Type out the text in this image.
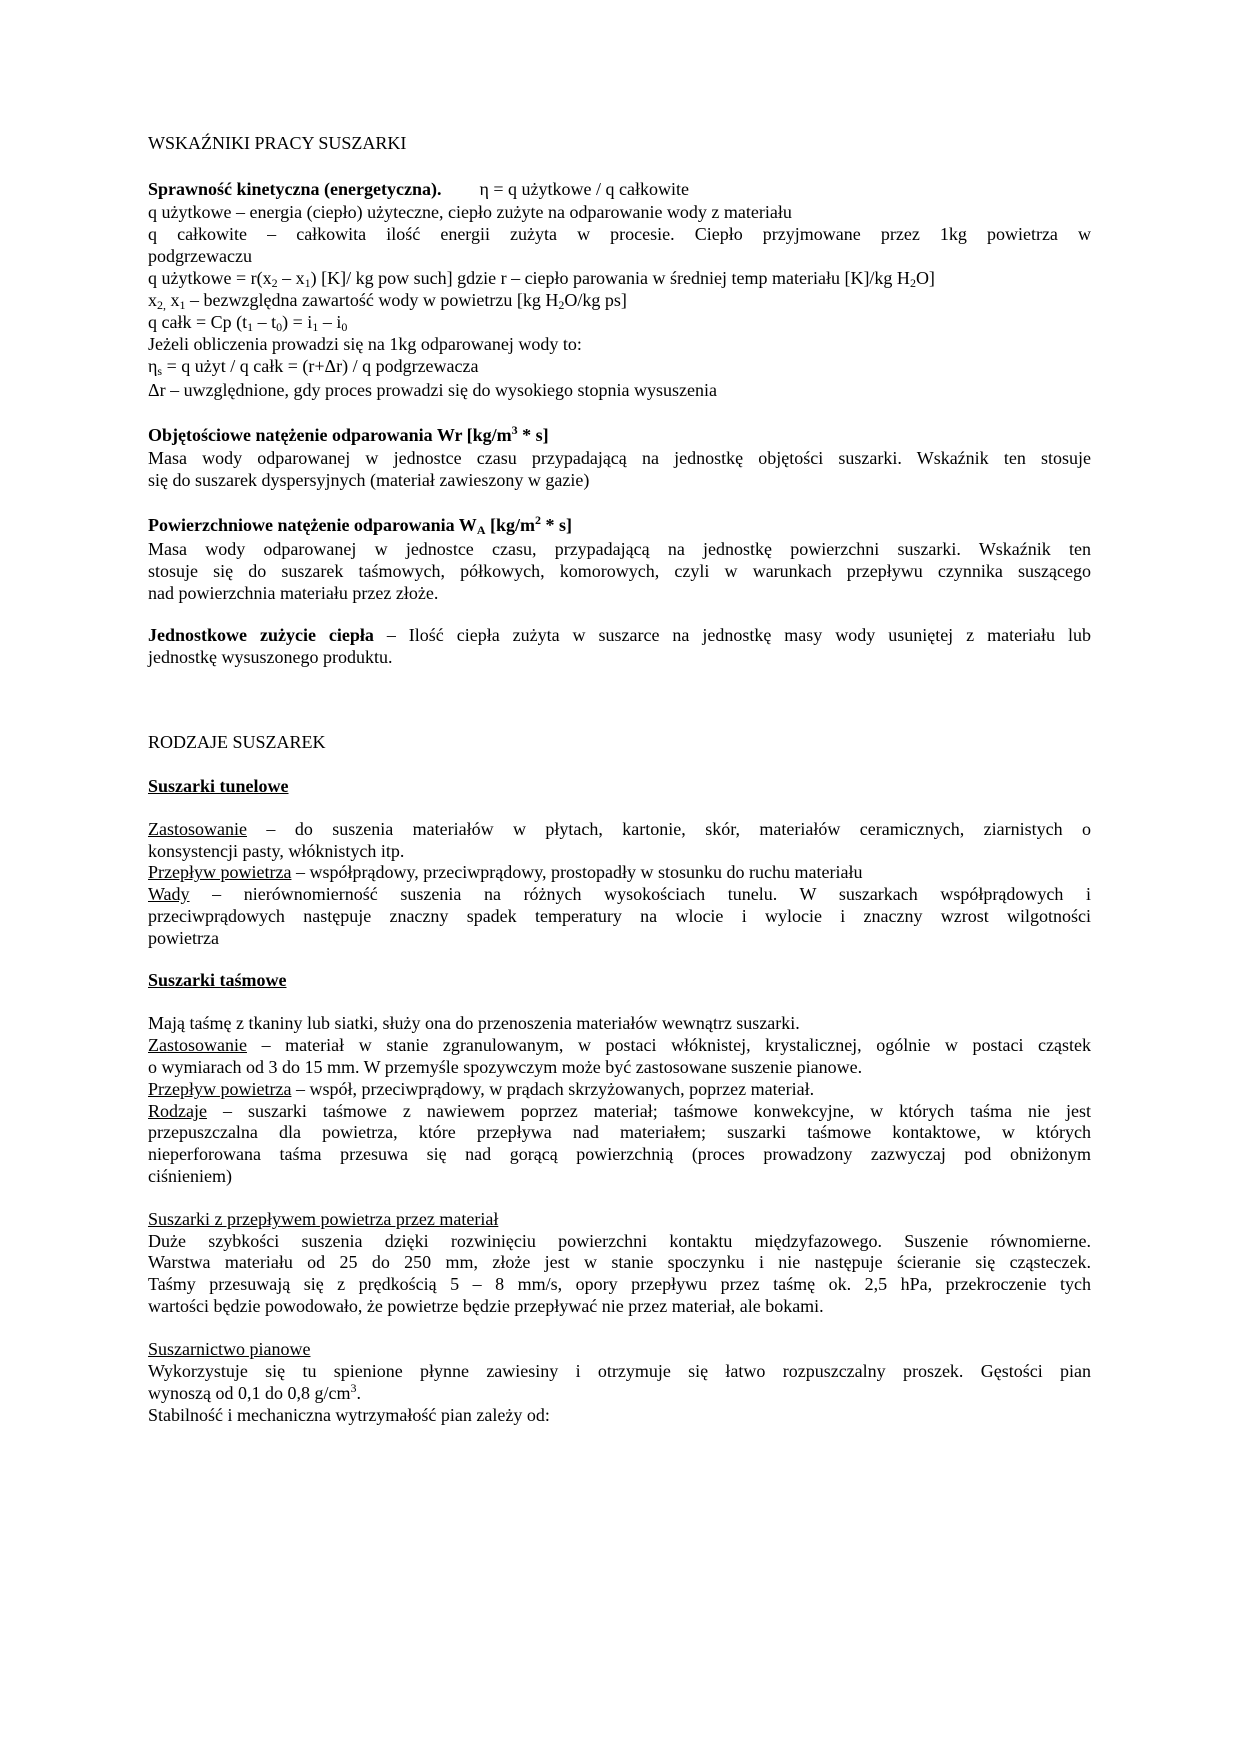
WSKAŹNIKI PRACY SUSZARKI
Sprawność kinetyczna (energetyczna). η = q użytkowe / q całkowite
q użytkowe – energia (ciepło) użyteczne, ciepło zużyte na odparowanie wody z materiału
q całkowite – całkowita ilość energii zużyta w procesie. Ciepło przyjmowane przez 1kg powietrza w
podgrzewaczu
q użytkowe = $r(x_2 - x_1)$ [K]/ kg pow such] gdzie r – ciepło parowania w średniej temp materiału [K]/kg $H_2O$]
$x_{2,}$ $x_1$ – bezwzględna zawartość wody w powietrzu [kg $H_2O/kg$ ps]
q całk = Cp $(t_1 - t_0) = i_1 - i_0$
Jeżeli obliczenia prowadzi się na 1kg odparowanej wody to:
$\eta_s = q$ użyt / q całk = (r+Δr) / q podgrzewacza
Δr – uwzględnione, gdy proces prowadzi się do wysokiego stopnia wysuszenia
Objętościowe natężenie odparowania Wr $[kg/m^3 * s]$
Masa wody odparowanej w jednostce czasu przypadającą na jednostkę objętości suszarki. Wskaźnik ten stosuje
się do suszarek dyspersyjnych (materiał zawieszony w gazie)
Powierzchniowe natężenie odparowania $W_A$ $[kg/m^2 * s]$
Masa wody odparowanej w jednostce czasu, przypadającą na jednostkę powierzchni suszarki. Wskaźnik ten
stosuje się do suszarek taśmowych, półkowych, komorowych, czyli w warunkach przepływu czynnika suszącego
nad powierzchnia materiału przez złoże.
Jednostkowe zużycie ciepła – Ilość ciepła zużyta w suszarce na jednostkę masy wody usuniętej z materiału lub
jednostkę wysuszonego produktu.
RODZAJE SUSZAREK
Suszarki tunelowe
Zastosowanie – do suszenia materiałów w płytach, kartonie, skór, materiałów ceramicznych, ziarnistych o
konsystencji pasty, włóknistych itp.
Przepływ powietrza – współprądowy, przeciwprądowy, prostopadły w stosunku do ruchu materiału
Wady – nierównomierność suszenia na różnych wysokościach tunelu. W suszarkach współprądowych i
przeciwprądowych następuje znaczny spadek temperatury na wlocie i wylocie i znaczny wzrost wilgotności
powietrza
Suszarki taśmowe
Mają taśmę z tkaniny lub siatki, służy ona do przenoszenia materiałów wewnątrz suszarki.
Zastosowanie – materiał w stanie zgranulowanym, w postaci włóknistej, krystalicznej, ogólnie w postaci cząstek
o wymiarach od 3 do 15 mm. W przemyśle spozywczym może być zastosowane suszenie pianowe.
Przepływ powietrza – współ, przeciwprądowy, w prądach skrzyżowanych, poprzez materiał.
Rodzaje – suszarki taśmowe z nawiewem poprzez materiał; taśmowe konwekcyjne, w których taśma nie jest
przepuszczalna dla powietrza, które przepływa nad materiałem; suszarki taśmowe kontaktowe, w których
nieperforowana taśma przesuwa się nad gorącą powierzchnią (proces prowadzony zazwyczaj pod obniżonym
ciśnieniem)
Suszarki z przepływem powietrza przez materiał
Duże szybkości suszenia dzięki rozwinięciu powierzchni kontaktu międzyfazowego. Suszenie równomierne.
Warstwa materiału od 25 do 250 mm, złoże jest w stanie spoczynku i nie następuje ścieranie się cząsteczek.
Taśmy przesuwają się z prędkością 5 – 8 mm/s, opory przepływu przez taśmę ok. 2,5 hPa, przekroczenie tych
wartości będzie powodowało, że powietrze będzie przepływać nie przez materiał, ale bokami.
Suszarnictwo pianowe
Wykorzystuje się tu spienione płynne zawiesiny i otrzymuje się łatwo rozpuszczalny proszek. Gęstości pian
wynoszą od 0,1 do 0,8 $g/cm^3$.
Stabilność i mechaniczna wytrzymałość pian zależy od:
